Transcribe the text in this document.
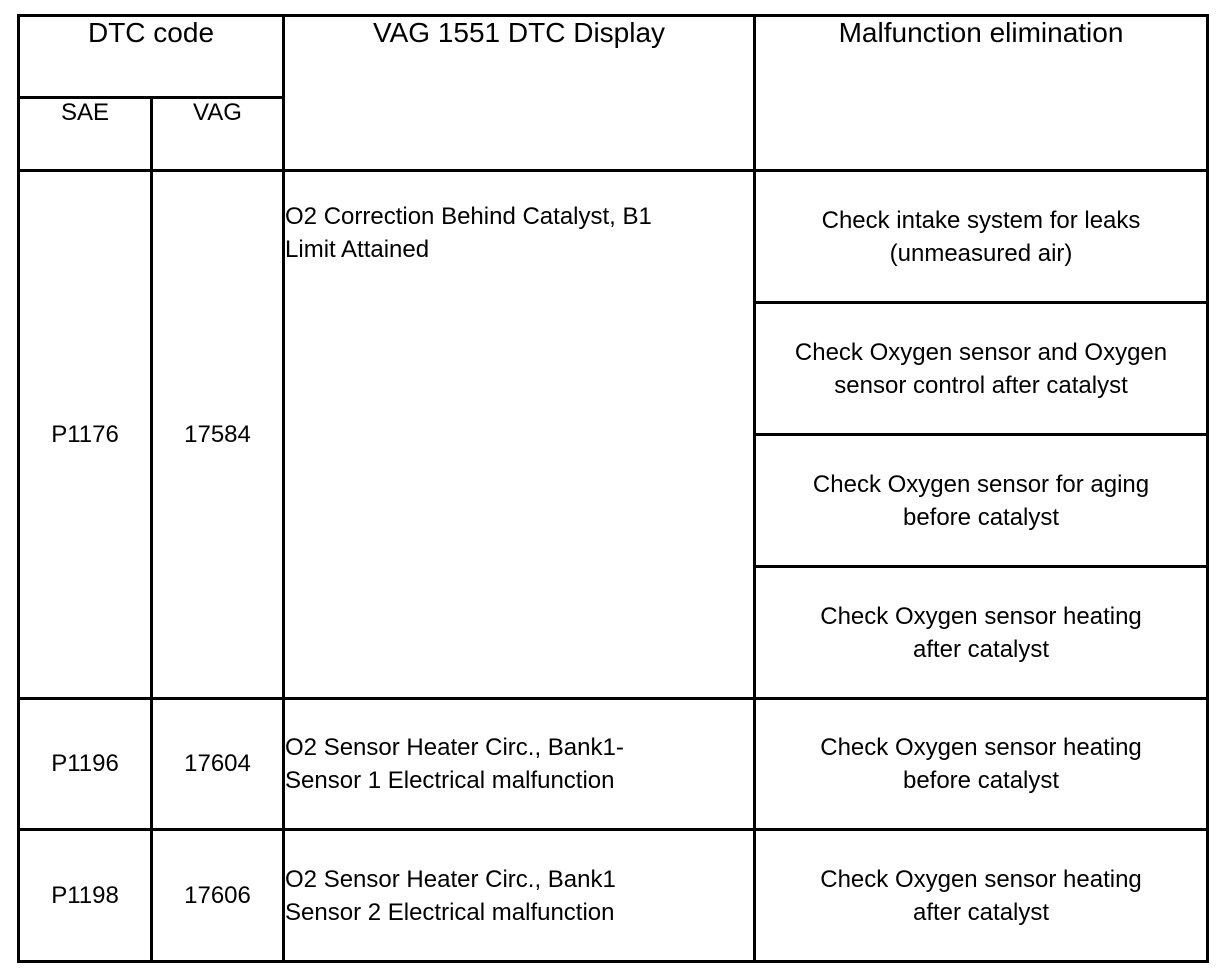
DTC code		VAG 1551 DTC Display	Malfunction elimination
SAE	VAG		
P1176	17584	O2 Correction Behind Catalyst, B1
Limit Attained	Check intake system for leaks
(unmeasured air)
			Check Oxygen sensor and Oxygen
sensor control after catalyst
			Check Oxygen sensor for aging
before catalyst
			Check Oxygen sensor heating
after catalyst
P1196	17604	O2 Sensor Heater Circ., Bank1-
Sensor 1 Electrical malfunction	Check Oxygen sensor heating
before catalyst
P1198	17606	O2 Sensor Heater Circ., Bank1
Sensor 2 Electrical malfunction	Check Oxygen sensor heating
after catalyst
